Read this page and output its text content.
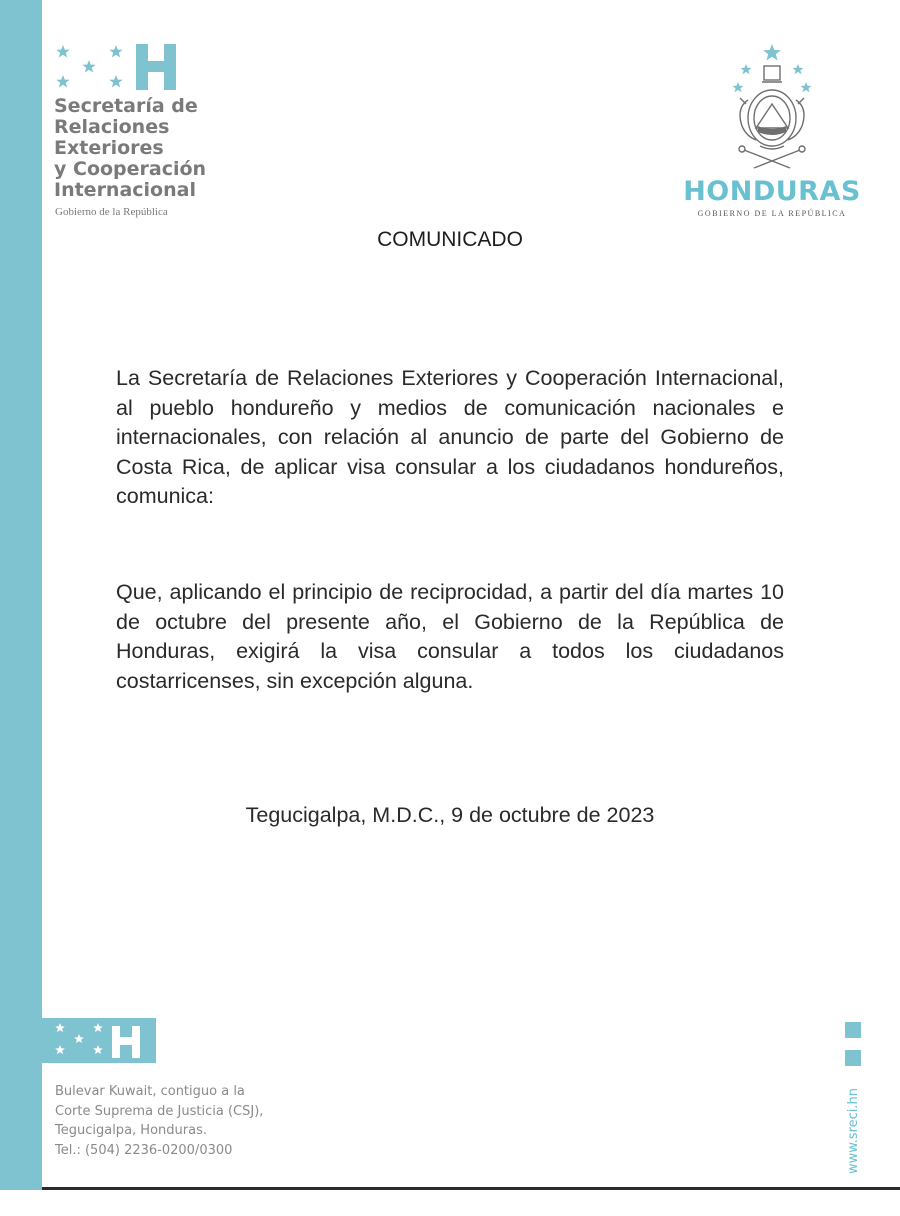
Secretaría de
Relaciones
Exteriores
y Cooperación
Internacional
Gobierno de la República
HONDURAS
GOBIERNO DE LA REPÚBLICA
COMUNICADO
La Secretaría de Relaciones Exteriores y Cooperación Internacional, al pueblo hondureño y medios de comunicación nacionales e internacionales, con relación al anuncio de parte del Gobierno de Costa Rica, de aplicar visa consular a los ciudadanos hondureños, comunica:
Que, aplicando el principio de reciprocidad, a partir del día martes 10 de octubre del presente año, el Gobierno de la República de Honduras, exigirá la visa consular a todos los ciudadanos costarricenses, sin excepción alguna.
Tegucigalpa, M.D.C., 9 de octubre de 2023
Bulevar Kuwait, contiguo a la
Corte Suprema de Justicia (CSJ),
Tegucigalpa, Honduras.
Tel.: (504) 2236-0200/0300	www.sreci.hn
